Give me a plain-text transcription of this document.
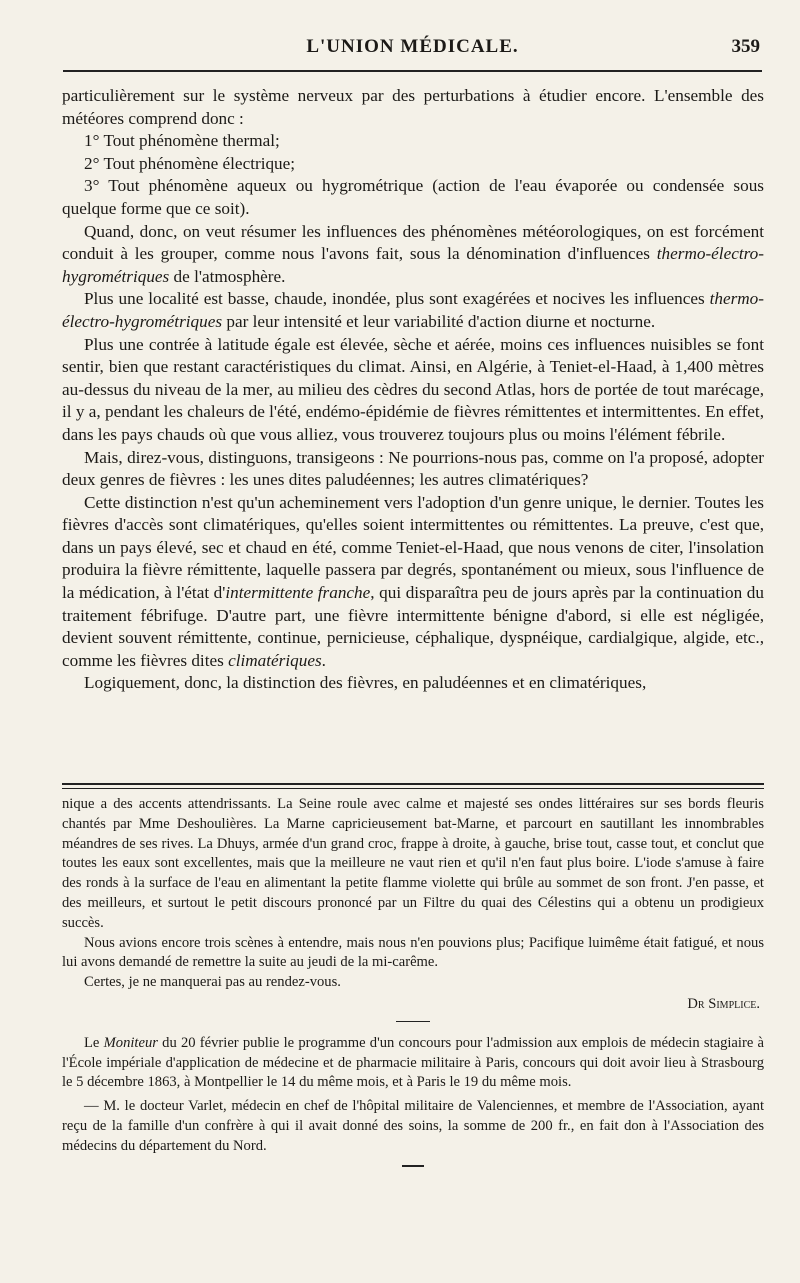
L'UNION MÉDICALE.	359

particulièrement sur le système nerveux par des perturbations à étudier encore. L'ensemble des météores comprend donc :

1° Tout phénomène thermal;

2° Tout phénomène électrique;

3° Tout phénomène aqueux ou hygrométrique (action de l'eau évaporée ou condensée sous quelque forme que ce soit).

Quand, donc, on veut résumer les influences des phénomènes météorologiques, on est forcément conduit à les grouper, comme nous l'avons fait, sous la dénomination d'influences thermo-électro-hygrométriques de l'atmosphère.

Plus une localité est basse, chaude, inondée, plus sont exagérées et nocives les influences thermo-électro-hygrométriques par leur intensité et leur variabilité d'action diurne et nocturne.

Plus une contrée à latitude égale est élevée, sèche et aérée, moins ces influences nuisibles se font sentir, bien que restant caractéristiques du climat. Ainsi, en Algérie, à Teniet-el-Haad, à 1,400 mètres au-dessus du niveau de la mer, au milieu des cèdres du second Atlas, hors de portée de tout marécage, il y a, pendant les chaleurs de l'été, endémo-épidémie de fièvres rémittentes et intermittentes. En effet, dans les pays chauds où que vous alliez, vous trouverez toujours plus ou moins l'élément fébrile.

Mais, direz-vous, distinguons, transigeons : Ne pourrions-nous pas, comme on l'a proposé, adopter deux genres de fièvres : les unes dites paludéennes; les autres climatériques?

Cette distinction n'est qu'un acheminement vers l'adoption d'un genre unique, le dernier. Toutes les fièvres d'accès sont climatériques, qu'elles soient intermittentes ou rémittentes. La preuve, c'est que, dans un pays élevé, sec et chaud en été, comme Teniet-el-Haad, que nous venons de citer, l'insolation produira la fièvre rémittente, laquelle passera par degrés, spontanément ou mieux, sous l'influence de la médication, à l'état d'intermittente franche, qui disparaîtra peu de jours après par la continuation du traitement fébrifuge. D'autre part, une fièvre intermittente bénigne d'abord, si elle est négligée, devient souvent rémittente, continue, pernicieuse, céphalique, dyspnéique, cardialgique, algide, etc., comme les fièvres dites climatériques.

Logiquement, donc, la distinction des fièvres, en paludéennes et en climatériques,

nique a des accents attendrissants. La Seine roule avec calme et majesté ses ondes littéraires sur ses bords fleuris chantés par Mme Deshoulières. La Marne capricieusement bat-Marne, et parcourt en sautillant les innombrables méandres de ses rives. La Dhuys, armée d'un grand croc, frappe à droite, à gauche, brise tout, casse tout, et conclut que toutes les eaux sont excellentes, mais que la meilleure ne vaut rien et qu'il n'en faut plus boire. L'iode s'amuse à faire des ronds à la surface de l'eau en alimentant la petite flamme violette qui brûle au sommet de son front. J'en passe, et des meilleurs, et surtout le petit discours prononcé par un Filtre du quai des Célestins qui a obtenu un prodigieux succès.

Nous avions encore trois scènes à entendre, mais nous n'en pouvions plus; Pacifique luimême était fatigué, et nous lui avons demandé de remettre la suite au jeudi de la mi-carême.

Certes, je ne manquerai pas au rendez-vous.

Dr Simplice.

Le Moniteur du 20 février publie le programme d'un concours pour l'admission aux emplois de médecin stagiaire à l'École impériale d'application de médecine et de pharmacie militaire à Paris, concours qui doit avoir lieu à Strasbourg le 5 décembre 1863, à Montpellier le 14 du même mois, et à Paris le 19 du même mois.

— M. le docteur Varlet, médecin en chef de l'hôpital militaire de Valenciennes, et membre de l'Association, ayant reçu de la famille d'un confrère à qui il avait donné des soins, la somme de 200 fr., en fait don à l'Association des médecins du département du Nord.
